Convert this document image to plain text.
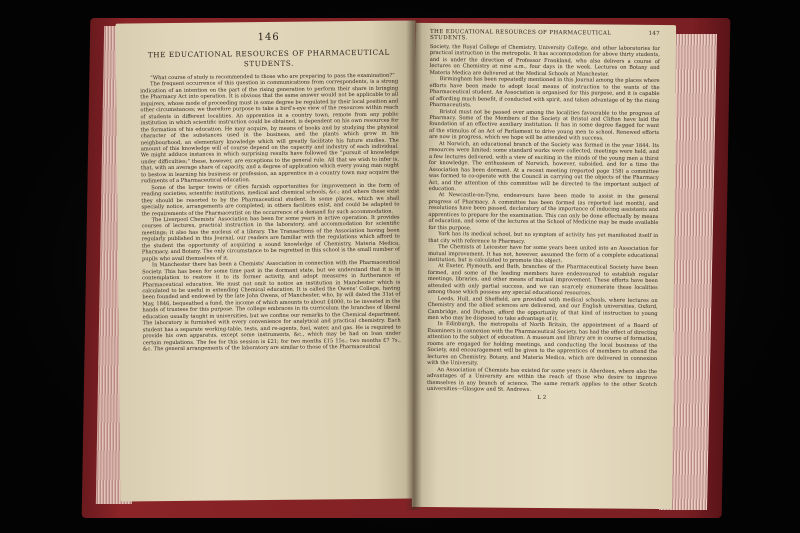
146
THE EDUCATIONAL RESOURCES OF PHARMACEUTICAL
STUDENTS.

“What course of study is recommended to those who are preparing to pass the examination?”

The frequent occurrence of this question in communications from correspondents, is a strong indication of an intention on the part of the rising generation to perform their share in bringing the Pharmacy Act into operation. It is obvious that the same answer would not be applicable to all inquirers, whose mode of proceeding must in some degree be regulated by their local position and other circumstances; we therefore purpose to take a bird’s-eye view of the resources within reach of students in different localities. An apprentice in a country town, remote from any public institution in which scientific instruction could be obtained, is dependent on his own resources for the formation of his education. He may acquire, by means of books and by studying the physical character of the substances used in the business, and the plants which grow in his neighbourhood, an elementary knowledge which will greatly facilitate his future studies. The amount of this knowledge will of course depend on the capacity and industry of each individual. We might adduce instances in which surprising results have followed the “pursuit of knowledge under difficulties;” these, however, are exceptions to the general rule. All that we wish to infer is, that, with an average share of capacity, and a degree of application which every young man ought to bestow in learning his business or profession, an apprentice in a country town may acquire the rudiments of a Pharmaceutical education.

Some of the larger towns or cities furnish opportunities for improvement in the form of reading societies, scientific institutions, medical and chemical schools, &c.; and where these exist they should be resorted to by the Pharmaceutical student. In some places, which we shall specially notice, arrangements are completed; in others facilities exist, and could be adapted to the requirements of the Pharmaceutist on the occurrence of a demand for such accommodation.

The Liverpool Chemists’ Association has been for some years in active operation. It provides courses of lectures, practical instruction in the laboratory, and accommodation for scientific meetings; it also has the nucleus of a library. The Transactions of the Association having been regularly published in this Journal, our readers are familiar with the regulations which afford to the student the opportunity of acquiring a sound knowledge of Chemistry, Materia Medica, Pharmacy, and Botany. The only circumstance to be regretted in this school is the small number of pupils who avail themselves of it.

In Manchester there has been a Chemists’ Association in connection with the Pharmaceutical Society. This has been for some time past in the dormant state, but we understand that it is in contemplation to restore it to its former activity, and adopt measures in furtherance of Pharmaceutical education. We must not omit to notice an institution in Manchester which is calculated to be useful in extending Chemical education. It is called the Owens’ College, having been founded and endowed by the late John Owens, of Manchester, who, by will dated the 31st of May, 1846, bequeathed a fund, the income of which amounts to about £4000, to be invested in the hands of trustees for this purpose. The college embraces in its curriculum the branches of liberal education usually taught in universities, but we confine our remarks to the Chemical department. The laboratory is furnished with every convenience for analytical and practical chemistry. Each student has a separate working-table, tests, and re-agents, fuel, water, and gas. He is required to provide his own apparatus, except some instruments, &c., which may be had on loan under certain regulations. The fee for this session is £21; for two months £15 15s.; two months £7 7s., &c. The general arrangements of the laboratory are similar to those of the Pharmaceutical

THE EDUCATIONAL RESOURCES OF PHARMACEUTICAL STUDENTS.
147

Society, the Royal College of Chemistry, University College, and other laboratories for practical instruction in the metropolis. It has accommodation for above thirty students, and is under the direction of Professor Frankland, who also delivers a course of lectures on Chemistry at nine a.m., four days in the week. Lectures on Botany and Materia Medica are delivered at the Medical Schools at Manchester.

Birmingham has been repeatedly mentioned in this Journal among the places where efforts have been made to adopt local means of instruction to the wants of the Pharmaceutical student. An Association is organised for this purpose, and it is capable of affording much benefit, if conducted with spirit, and taken advantage of by the rising Pharmaceutists.

Bristol must not be passed over among the localities favourable to the progress of Pharmacy. Some of the Members of the Society at Bristol and Clifton have laid the foundation of an effective auxiliary institution. It has in some degree flagged for want of the stimulus of an Act of Parliament to drive young men to school. Renewed efforts are now in progress, which we hope will be attended with success.

At Norwich, an educational branch of the Society was formed in the year 1844. Its resources were limited: some standard works were collected, meetings were held, and a few lectures delivered, with a view of exciting in the minds of the young men a thirst for knowledge. The enthusiasm of Norwich, however, subsided, and for a time the Association has been dormant. At a recent meeting (reported page 158) a committee was formed to co-operate with the Council in carrying out the objects of the Pharmacy Act, and the attention of this committee will be directed to the important subject of education.

At Newcastle-on-Tyne, endeavours have been made to assist in the general progress of Pharmacy. A committee has been formed (as reported last month), and resolutions have been passed, declaratory of the importance of inducing assistants and apprentices to prepare for the examination. This can only be done effectually by means of education, and some of the lectures at the School of Medicine may be made available for this purpose.

York has its medical school, but no symptom of activity has yet manifested itself in that city with reference to Pharmacy.

The Chemists at Leicester have for some years been united into an Association for mutual improvement. It has not, however, assumed the form of a complete educational institution, but is calculated to promote this object.

At Exeter, Plymouth, and Bath, branches of the Pharmaceutical Society have been formed, and some of the leading members have endeavoured to establish regular meetings, libraries, and other means of mutual improvement. These efforts have been attended with only partial success, and we can scarcely enumerate these localities among those which possess any special educational resources.

Leeds, Hull, and Sheffield, are provided with medical schools, where lectures on Chemistry and the allied sciences are delivered, and our English universities, Oxford, Cambridge, and Durham, afford the opportunity of that kind of instruction to young men who may be disposed to take advantage of it.

In Edinburgh, the metropolis of North Britain, the appointment of a Board of Examiners in connexion with the Pharmaceutical Society, has had the effect of directing attention to the subject of education. A museum and library are in course of formation, rooms are engaged for holding meetings, and conducting the local business of the Society, and encouragement will be given to the apprentices of members to attend the lectures on Chemistry, Botany, and Materia Medica, which are delivered in connexion with the University.

An Association of Chemists has existed for some years in Aberdeen, where also the advantages of a University are within the reach of those who desire to improve themselves in any branch of science. The same remark applies to the other Scotch universities—Glasgow and St. Andrews.

L 2
